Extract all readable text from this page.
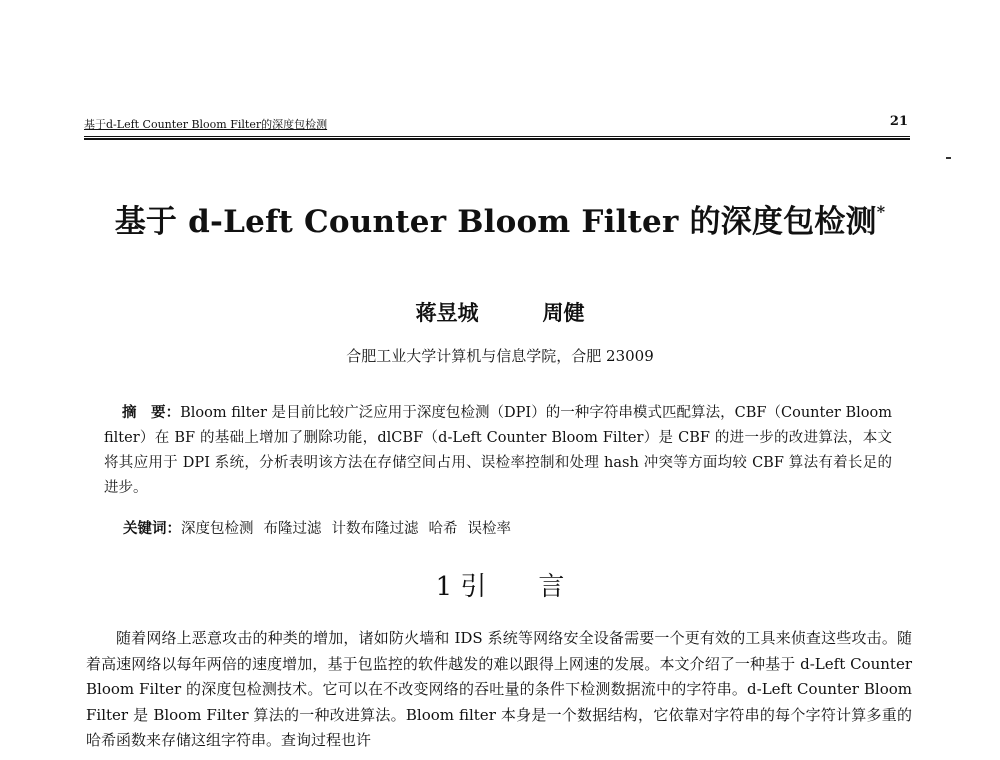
基于d-Left Counter Bloom Filter的深度包检测	21
基于 d-Left Counter Bloom Filter 的深度包检测*
蒋昱城	周健
合肥工业大学计算机与信息学院，合肥 23009
摘　要：Bloom filter 是目前比较广泛应用于深度包检测（DPI）的一种字符串模式匹配算法，CBF（Counter Bloom filter）在 BF 的基础上增加了删除功能，dlCBF（d-Left Counter Bloom Filter）是 CBF 的进一步的改进算法，本文将其应用于 DPI 系统，分析表明该方法在存储空间占用、误检率控制和处理 hash 冲突等方面均较 CBF 算法有着长足的进步。
关键词：深度包检测 布隆过滤 计数布隆过滤 哈希 误检率
1 引　　言

随着网络上恶意攻击的种类的增加，诸如防火墙和 IDS 系统等网络安全设备需要一个更有效的工具来侦查这些攻击。随着高速网络以每年两倍的速度增加，基于包监控的软件越发的难以跟得上网速的发展。本文介绍了一种基于 d-Left Counter Bloom Filter 的深度包检测技术。它可以在不改变网络的吞吐量的条件下检测数据流中的字符串。d-Left Counter Bloom Filter 是 Bloom Filter 算法的一种改进算法。Bloom filter 本身是一个数据结构，它依靠对字符串的每个字符计算多重的哈希函数来存储这组字符串。查询过程也许
